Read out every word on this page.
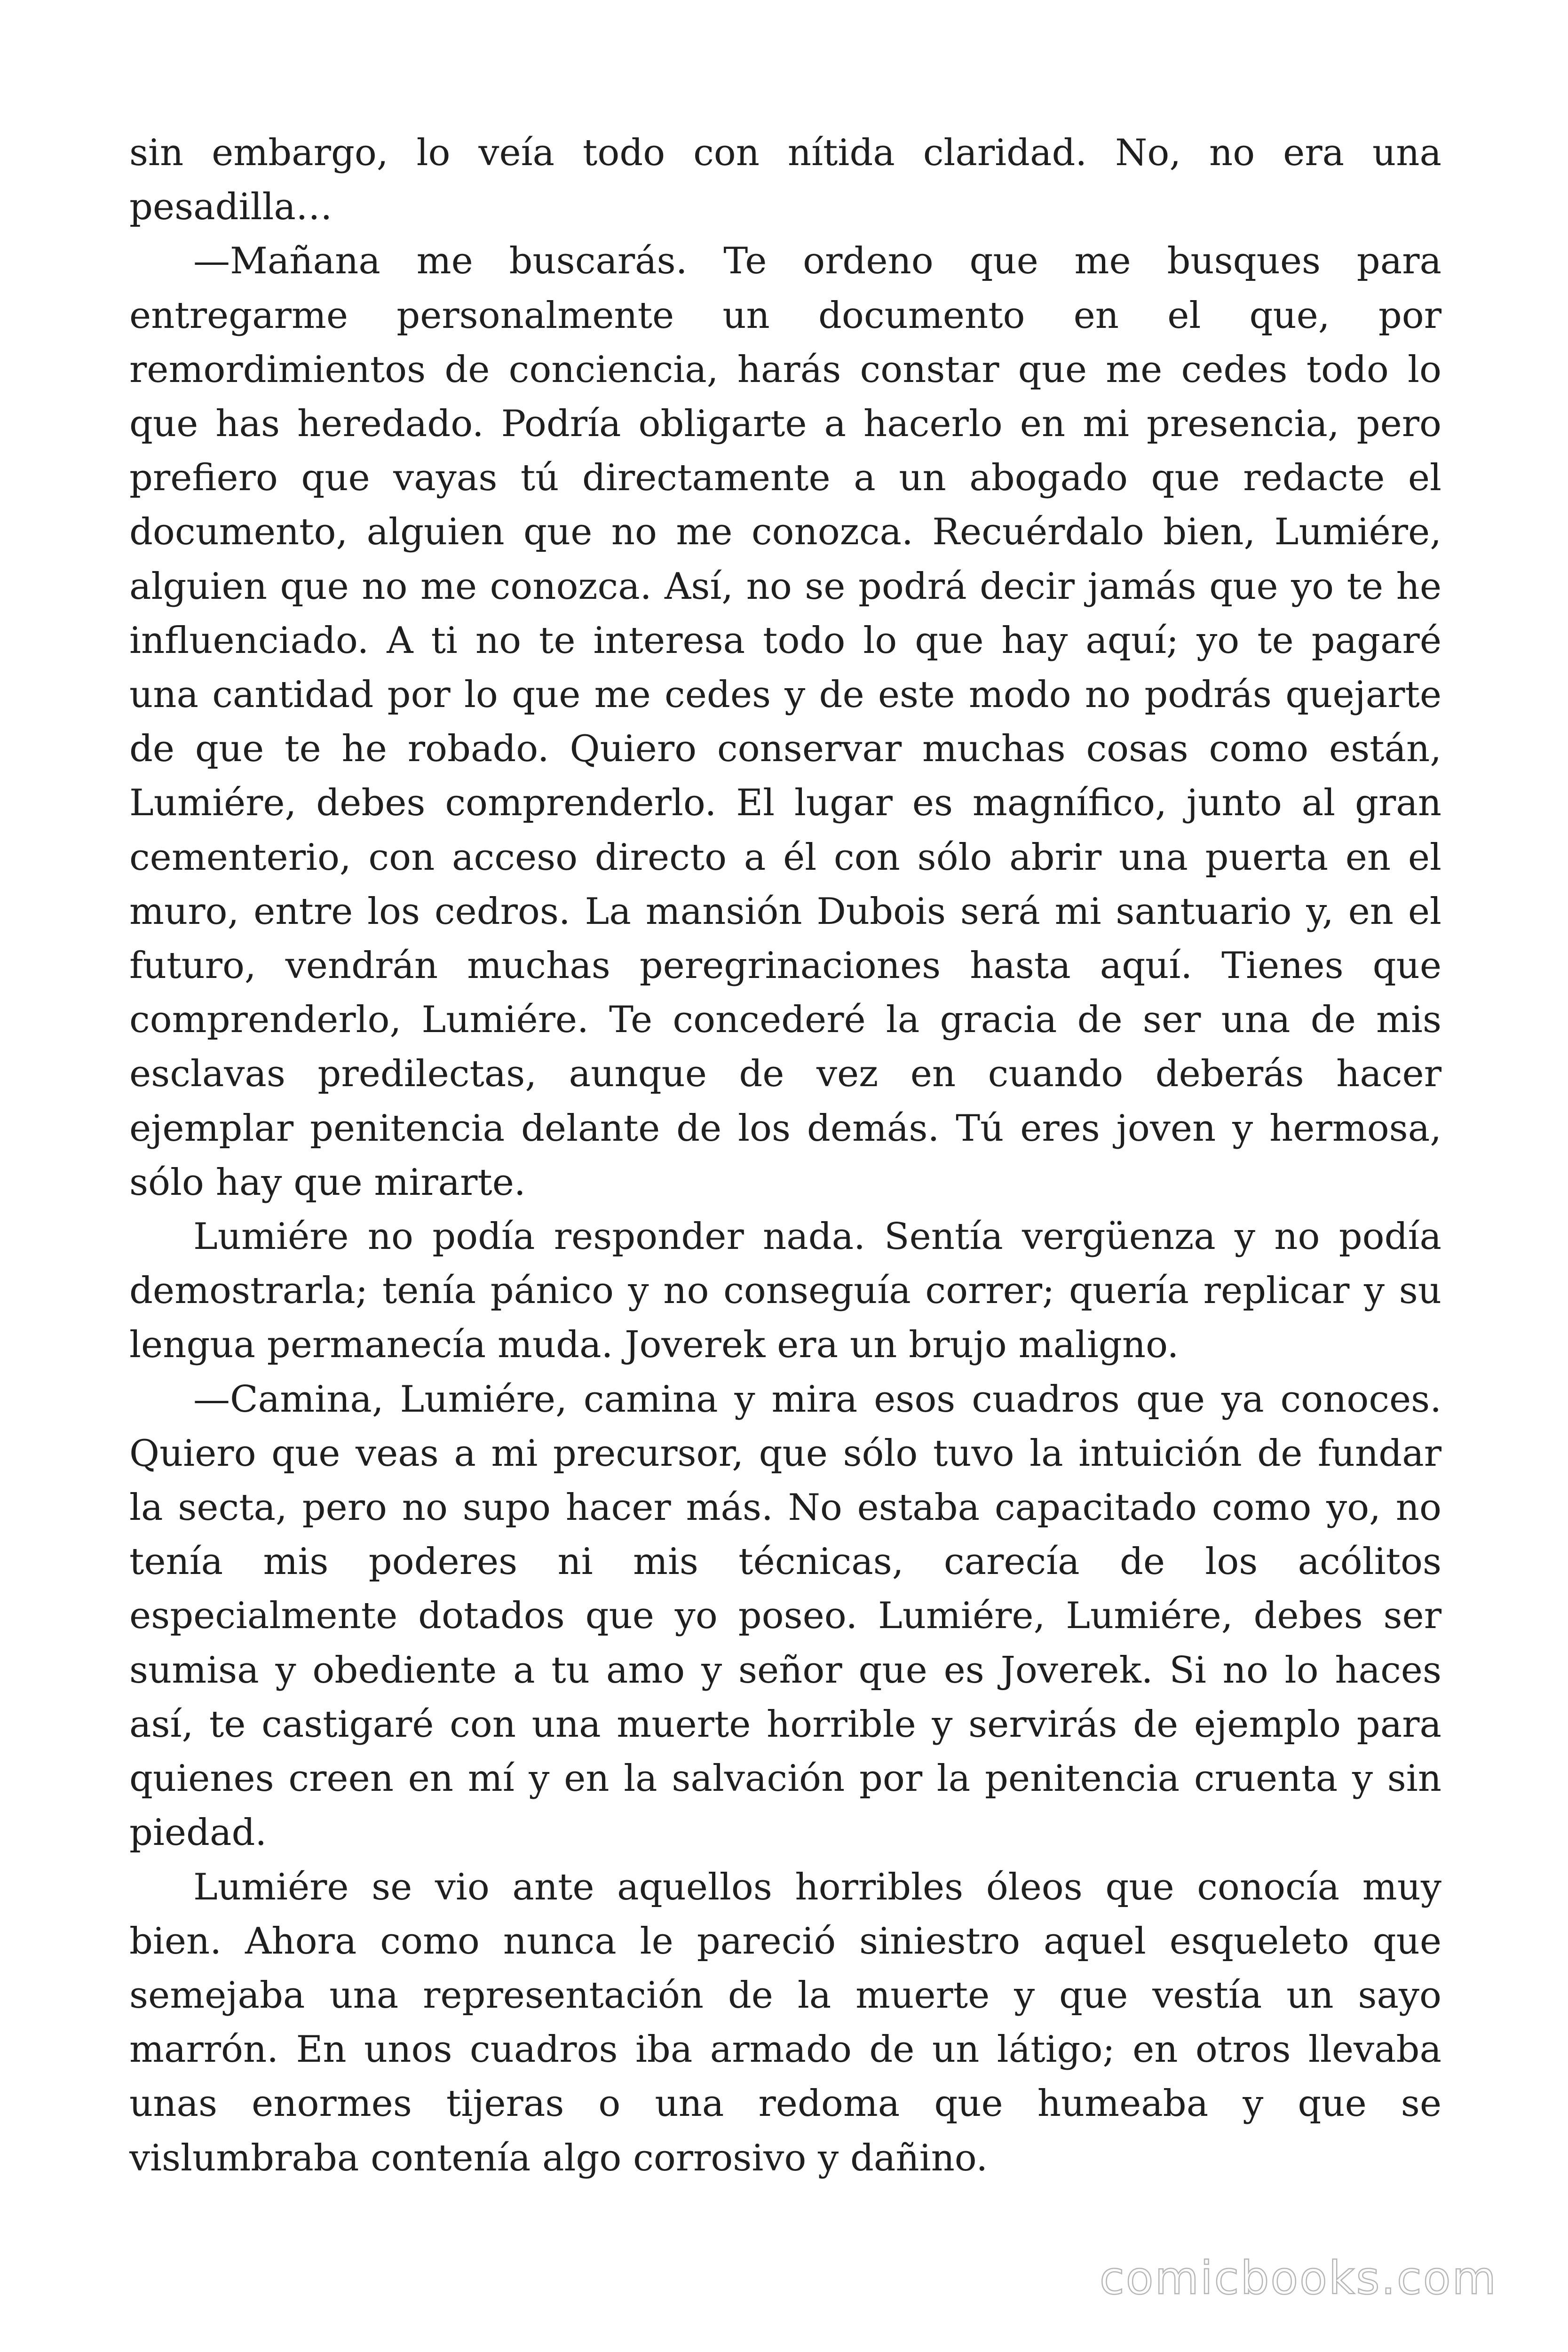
sin embargo, lo veía todo con nítida claridad. No, no era una pesadilla…

—Mañana me buscarás. Te ordeno que me busques para entregarme personalmente un documento en el que, por remordimientos de conciencia, harás constar que me cedes todo lo que has heredado. Podría obligarte a hacerlo en mi presencia, pero prefiero que vayas tú directamente a un abogado que redacte el documento, alguien que no me conozca. Recuérdalo bien, Lumiére, alguien que no me conozca. Así, no se podrá decir jamás que yo te he influenciado. A ti no te interesa todo lo que hay aquí; yo te pagaré una cantidad por lo que me cedes y de este modo no podrás quejarte de que te he robado. Quiero conservar muchas cosas como están, Lumiére, debes comprenderlo. El lugar es magnífico, junto al gran cementerio, con acceso directo a él con sólo abrir una puerta en el muro, entre los cedros. La mansión Dubois será mi santuario y, en el futuro, vendrán muchas peregrinaciones hasta aquí. Tienes que comprenderlo, Lumiére. Te concederé la gracia de ser una de mis esclavas predilectas, aunque de vez en cuando deberás hacer ejemplar penitencia delante de los demás. Tú eres joven y hermosa, sólo hay que mirarte.

Lumiére no podía responder nada. Sentía vergüenza y no podía demostrarla; tenía pánico y no conseguía correr; quería replicar y su lengua permanecía muda. Joverek era un brujo maligno.

—Camina, Lumiére, camina y mira esos cuadros que ya conoces. Quiero que veas a mi precursor, que sólo tuvo la intuición de fundar la secta, pero no supo hacer más. No estaba capacitado como yo, no tenía mis poderes ni mis técnicas, carecía de los acólitos especialmente dotados que yo poseo. Lumiére, Lumiére, debes ser sumisa y obediente a tu amo y señor que es Joverek. Si no lo haces así, te castigaré con una muerte horrible y servirás de ejemplo para quienes creen en mí y en la salvación por la penitencia cruenta y sin piedad.

Lumiére se vio ante aquellos horribles óleos que conocía muy bien. Ahora como nunca le pareció siniestro aquel esqueleto que semejaba una representación de la muerte y que vestía un sayo marrón. En unos cuadros iba armado de un látigo; en otros llevaba unas enormes tijeras o una redoma que humeaba y que se vislumbraba contenía algo corrosivo y dañino.

comicbooks.com
